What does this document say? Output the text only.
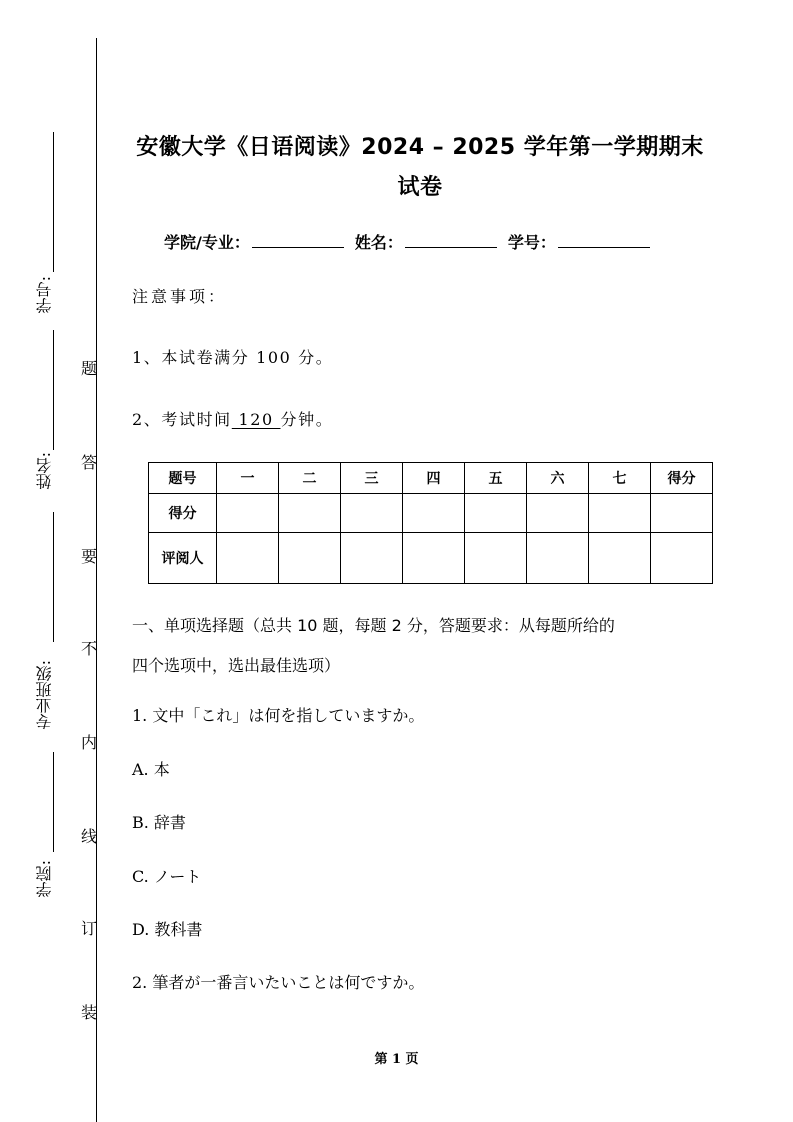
学号:
姓名:
专业班级:
学院:
题
答
要
不
内
线
订
装
安徽大学《日语阅读》2024 – 2025 学年第一学期期末
试卷
学院/专业：	姓名：	学号：
注意事项：
1、本试卷满分 100 分。
2、考试时间 120 分钟。
题号	一	二	三	四	五	六	七	得分
得分								
评阅人								
一、单项选择题（总共 10 题，每题 2 分，答题要求：从每题所给的
四个选项中，选出最佳选项）
1. 文中「これ」は何を指していますか。
A. 本
B. 辞書
C. ノート
D. 教科書
2. 筆者が一番言いたいことは何ですか。
第 1 页
